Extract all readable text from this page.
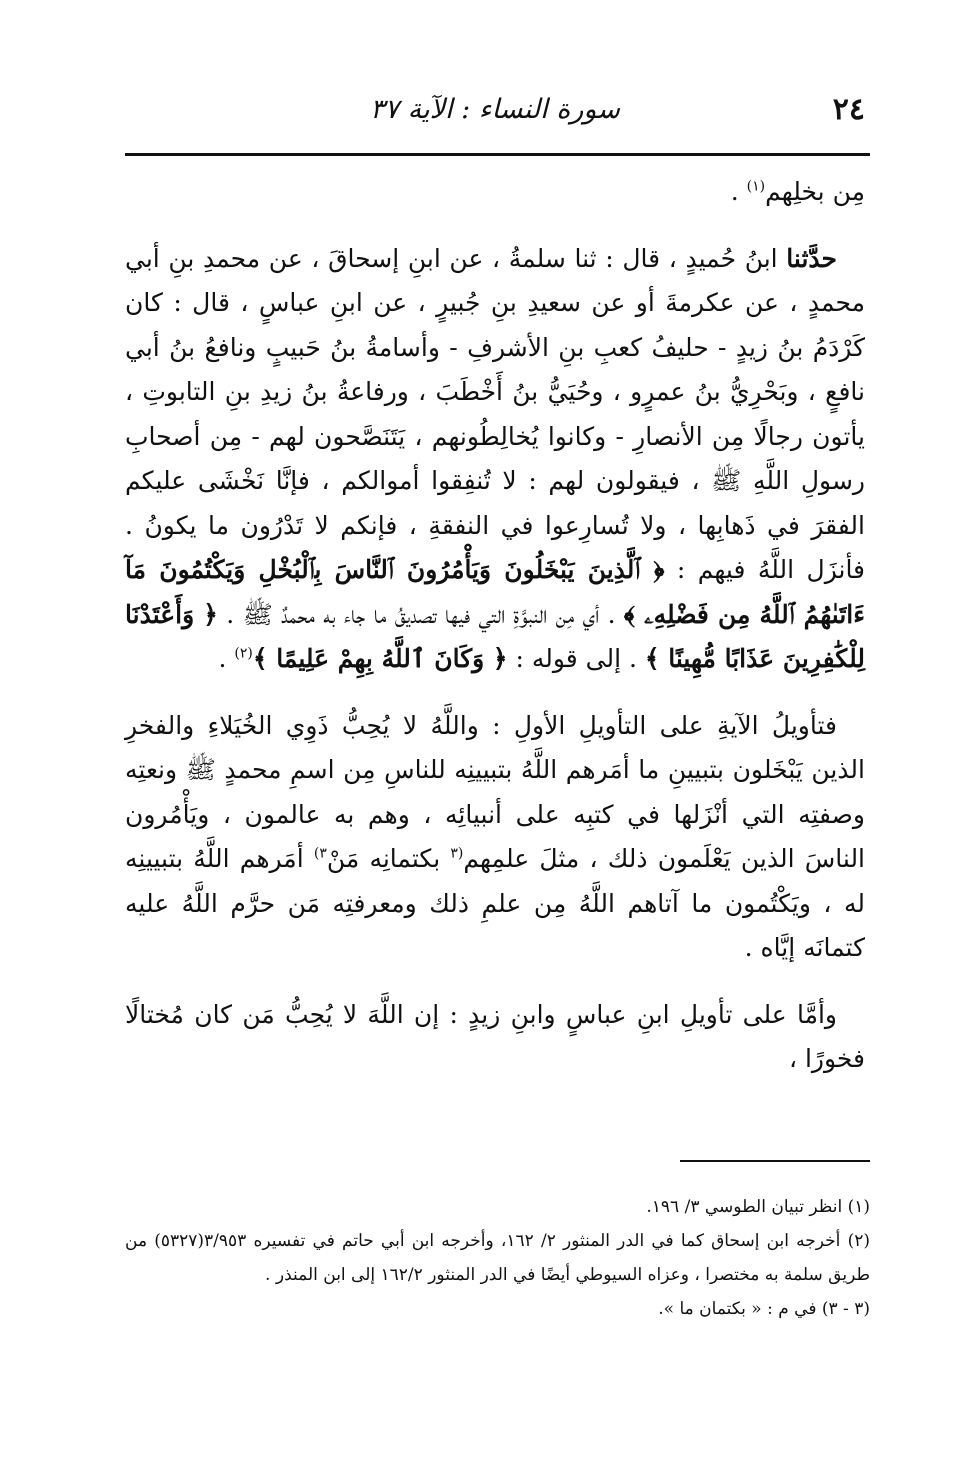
٢٤
سورة النساء : الآية ٣٧

مِن بخلِهم$^{(١)}$ .

حدَّثنا ابنُ حُميدٍ ، قال : ثنا سلمةُ ، عن ابنِ إسحاقَ ، عن محمدِ بنِ أبي محمدٍ ، عن عكرمةَ أو عن سعيدِ بنِ جُبيرٍ ، عن ابنِ عباسٍ ، قال : كان كَرْدَمُ بنُ زيدٍ - حليفُ كعبِ بنِ الأشرفِ - وأسامةُ بنُ حَبيبٍ ونافعُ بنُ أبي نافعٍ ، وبَحْرِيُّ بنُ عمرٍو ، وحُيَيُّ بنُ أَخْطَبَ ، ورفاعةُ بنُ زيدِ بنِ التابوتِ ، يأتون رجالًا مِن الأنصارِ - وكانوا يُخالِطُونهم ، يَتَنَصَّحون لهم - مِن أصحابِ رسولِ اللَّهِ ﷺ ، فيقولون لهم : لا تُنفِقوا أموالكم ، فإنَّا نَخْشَى عليكم الفقرَ في ذَهابِها ، ولا تُسارِعوا في النفقةِ ، فإنكم لا تَدْرُون ما يكونُ . فأنزَل اللَّهُ فيهم : ﴿ ٱلَّذِينَ يَبْخَلُونَ وَيَأْمُرُونَ ٱلنَّاسَ بِٱلْبُخْلِ وَيَكْتُمُونَ مَآ ءَاتَىٰهُمُ ٱللَّهُ مِن فَضْلِهِۦ ﴾ . أي مِن النبوَّةِ التي فيها تصديقُ ما جاء به محمدٌ ﷺ . ﴿ وَأَعْتَدْنَا لِلْكَٰفِرِينَ عَذَابًا مُّهِينًا ﴾ . إلى قوله : ﴿ وَكَانَ ٱللَّهُ بِهِمْ عَلِيمًا ﴾$^{(٢)}$ .

فتأويلُ الآيةِ على التأويلِ الأولِ : واللَّهُ لا يُحِبُّ ذَوِي الخُيَلاءِ والفخرِ الذين يَبْخَلون بتبيينِ ما أمَرهم اللَّهُ بتبيينِه للناسِ مِن اسمِ محمدٍ ﷺ ونعتِه وصفتِه التي أنْزَلها في كتبِه على أنبيائِه ، وهم به عالمون ، ويَأْمُرون الناسَ الذين يَعْلَمون ذلك ، مثلَ علمِهم$^{(٣}$ بكتمانِه مَنْ$^{٣)}$ أمَرهم اللَّهُ بتبيينِه له ، ويَكْتُمون ما آتاهم اللَّهُ مِن علمِ ذلك ومعرفتِه مَن حرَّم اللَّهُ عليه كتمانَه إيَّاه .

وأمَّا على تأويلِ ابنِ عباسٍ وابنِ زيدٍ : إن اللَّهَ لا يُحِبُّ مَن كان مُختالًا فخورًا ،

(١) انظر تبيان الطوسي ٣/ ١٩٦.

(٢) أخرجه ابن إسحاق كما في الدر المنثور ٢/ ١٦٢، وأخرجه ابن أبي حاتم في تفسيره ٣/٩٥٣(٥٣٢٧) من طريق سلمة به مختصرا ، وعزاه السيوطي أيضًا في الدر المنثور ١٦٢/٢ إلى ابن المنذر .

(٣ - ٣) في م : « بكتمان ما ».
